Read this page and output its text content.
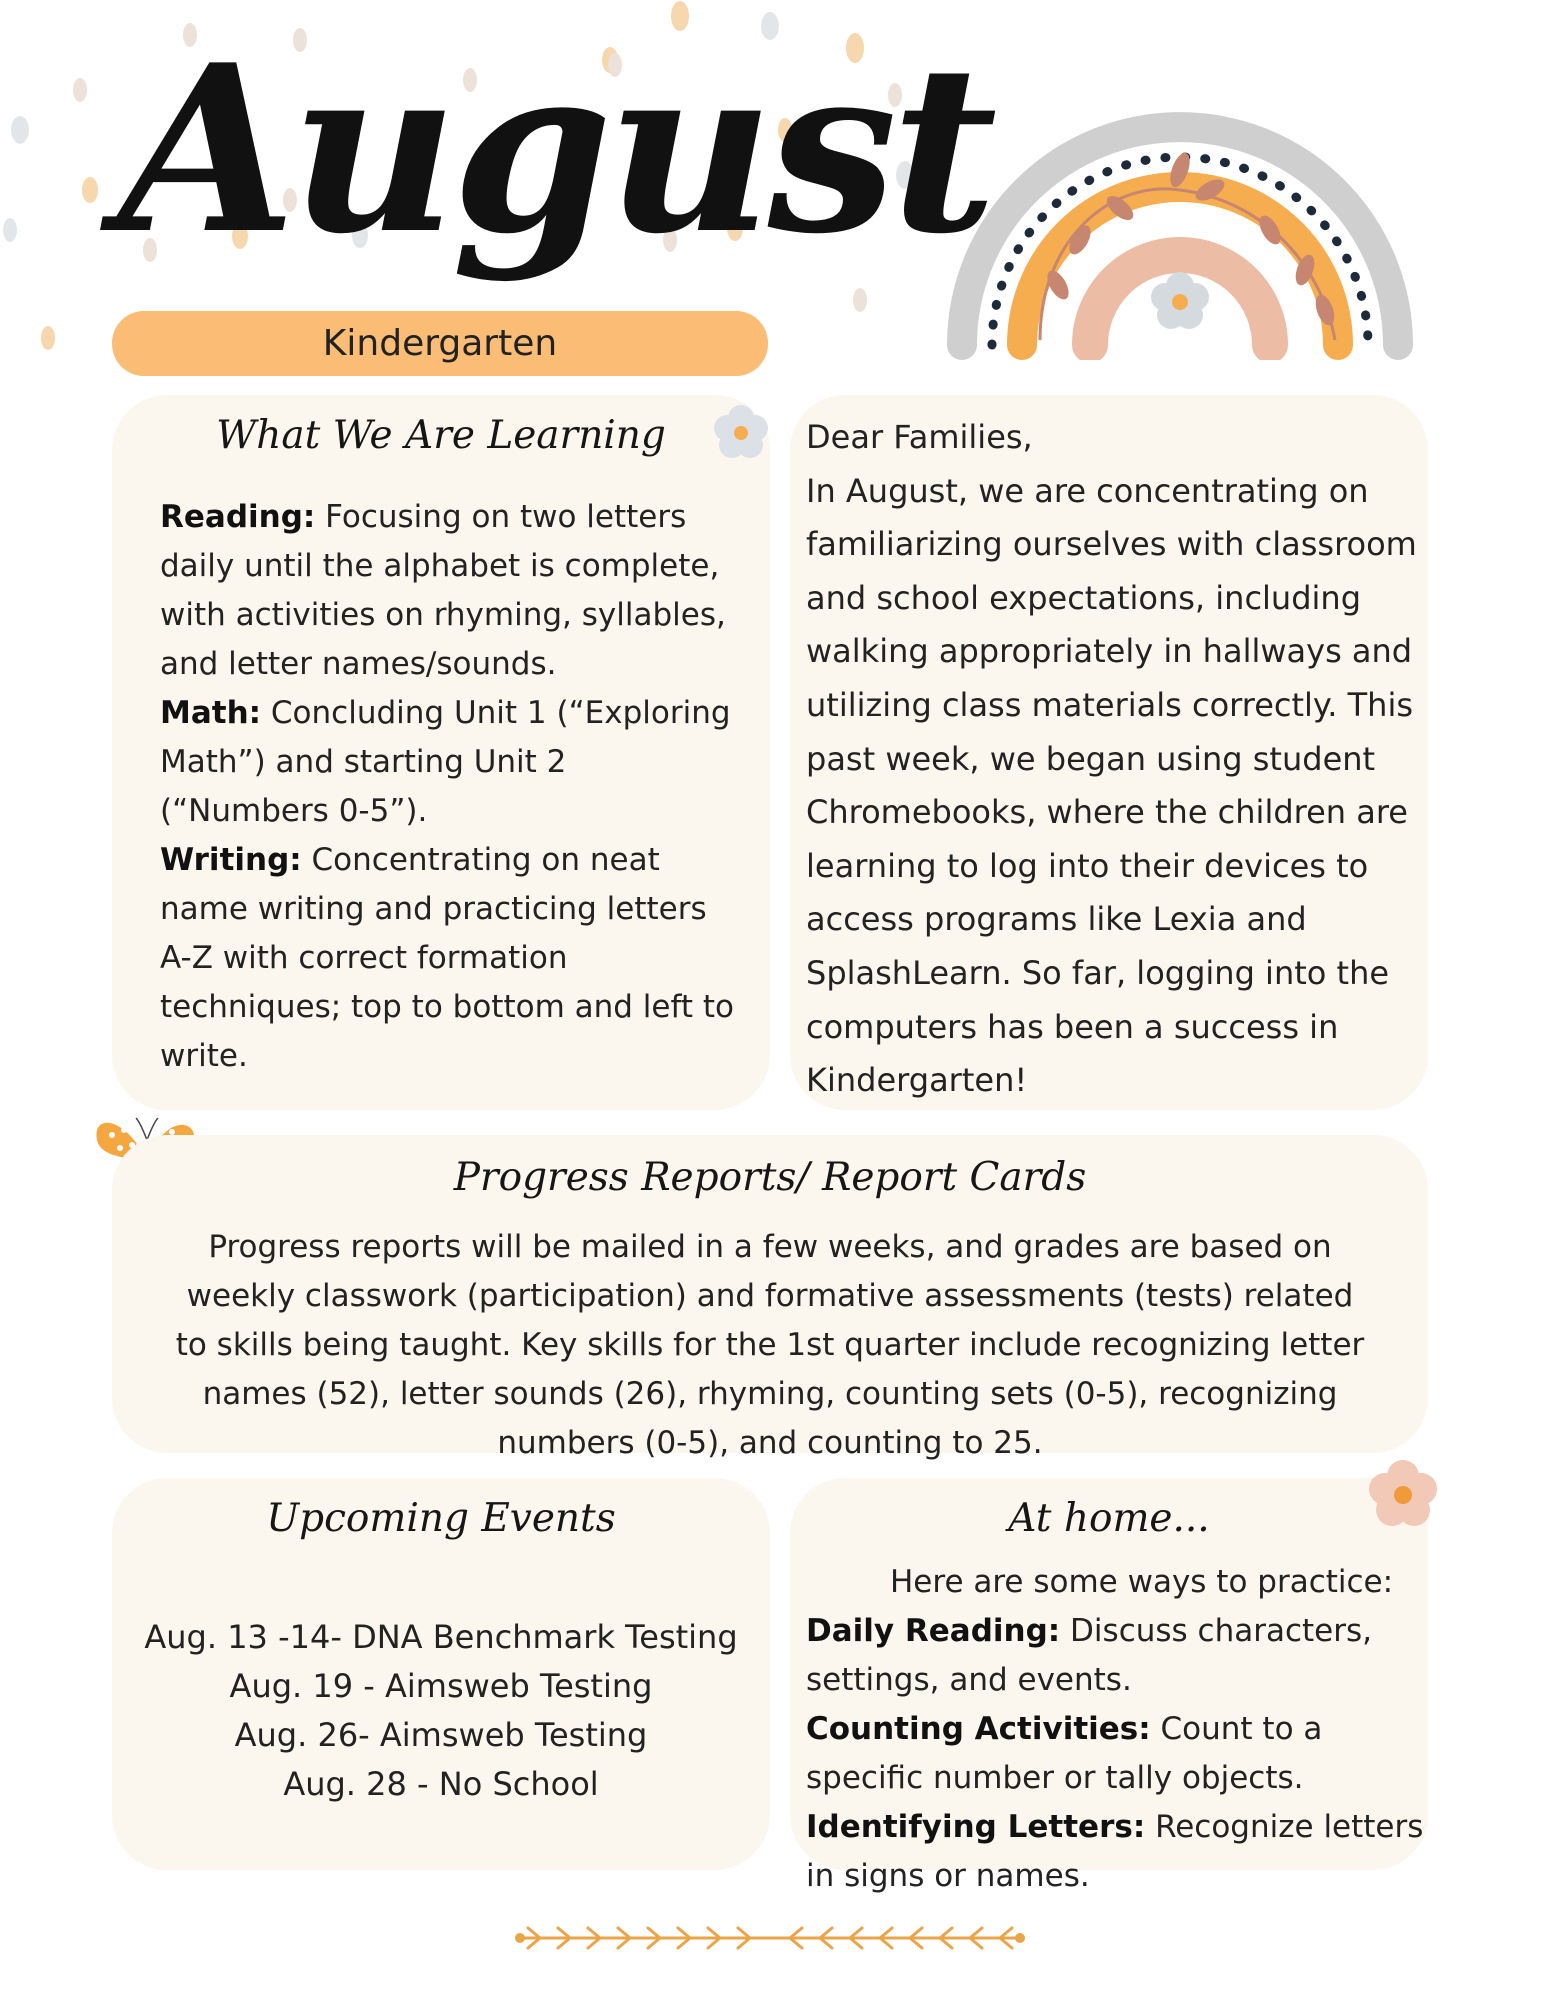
August
Kindergarten
What We Are Learning
Reading: Focusing on two letters daily until the alphabet is complete, with activities on rhyming, syllables, and letter names/sounds.
Math: Concluding Unit 1 (“Exploring Math”) and starting Unit 2 (“Numbers 0-5”).
Writing: Concentrating on neat name writing and practicing letters A-Z with correct formation techniques; top to bottom and left to write.
Dear Families,
In August, we are concentrating on familiarizing ourselves with classroom and school expectations, including walking appropriately in hallways and utilizing class materials correctly. This past week, we began using student Chromebooks, where the children are learning to log into their devices to access programs like Lexia and SplashLearn. So far, logging into the computers has been a success in Kindergarten!
Progress Reports/ Report Cards
Progress reports will be mailed in a few weeks, and grades are based on weekly classwork (participation) and formative assessments (tests) related to skills being taught. Key skills for the 1st quarter include recognizing letter names (52), letter sounds (26), rhyming, counting sets (0-5), recognizing numbers (0-5), and counting to 25.
Upcoming Events
Aug. 13 -14- DNA Benchmark Testing
Aug. 19 - Aimsweb Testing
Aug. 26- Aimsweb Testing
Aug. 28 - No School
At home...
Here are some ways to practice:
Daily Reading: Discuss characters, settings, and events.
Counting Activities: Count to a specific number or tally objects.
Identifying Letters: Recognize letters in signs or names.
